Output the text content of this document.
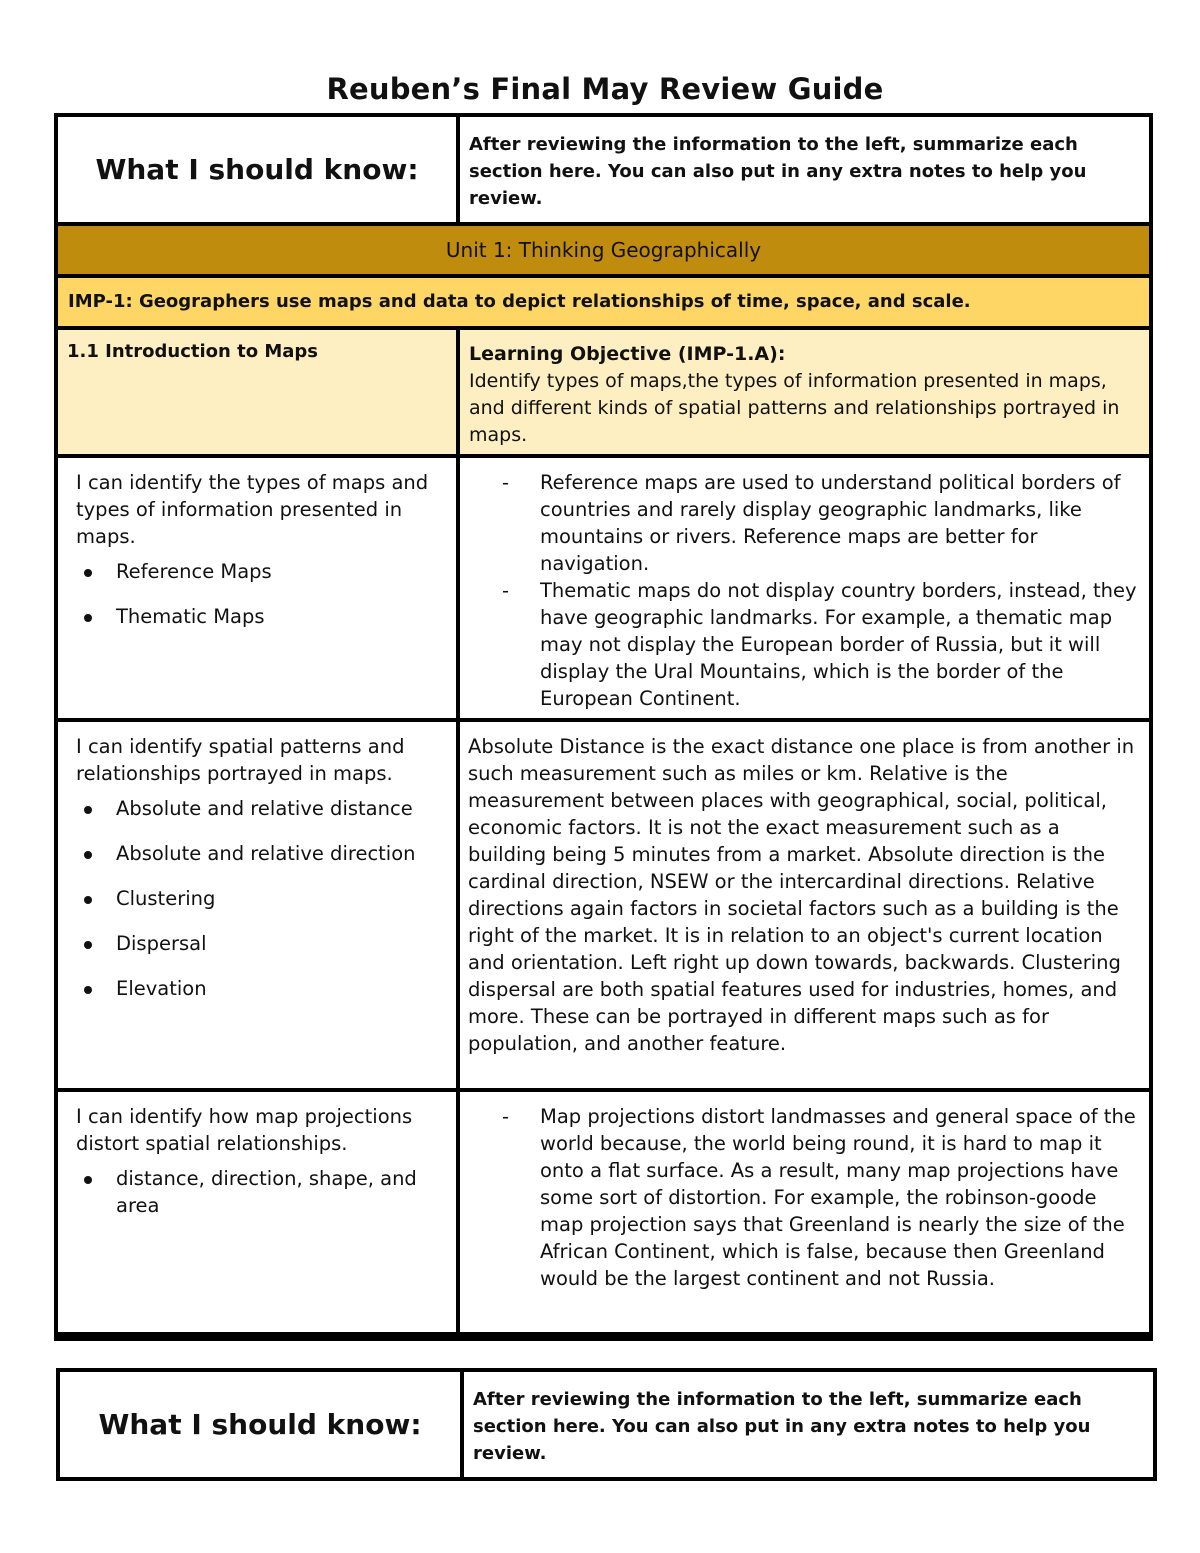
Reuben’s Final May Review Guide
What I should know:
After reviewing the information to the left, summarize each section here. You can also put in any extra notes to help you review.
Unit 1: Thinking Geographically
IMP-1: Geographers use maps and data to depict relationships of time, space, and scale.
1.1 Introduction to Maps	Learning Objective (IMP-1.A):
Identify types of maps,the types of information presented in maps, and different kinds of spatial patterns and relationships portrayed in maps.
I can identify the types of maps and types of information presented in maps.
Reference Maps
Thematic Maps
- Reference maps are used to understand political borders of countries and rarely display geographic landmarks, like mountains or rivers. Reference maps are better for navigation.
- Thematic maps do not display country borders, instead, they have geographic landmarks. For example, a thematic map may not display the European border of Russia, but it will display the Ural Mountains, which is the border of the European Continent.
I can identify spatial patterns and relationships portrayed in maps.
Absolute and relative distance
Absolute and relative direction
Clustering
Dispersal
Elevation

Absolute Distance is the exact distance one place is from another in such measurement such as miles or km. Relative is the measurement between places with geographical, social, political, economic factors. It is not the exact measurement such as a building being 5 minutes from a market. Absolute direction is the cardinal direction, NSEW or the intercardinal directions. Relative directions again factors in societal factors such as a building is the right of the market. It is in relation to an object's current location and orientation. Left right up down towards, backwards. Clustering dispersal are both spatial features used for industries, homes, and more. These can be portrayed in different maps such as for population, and another feature.

I can identify how map projections distort spatial relationships.
distance, direction, shape, and area
- Map projections distort landmasses and general space of the world because, the world being round, it is hard to map it onto a flat surface. As a result, many map projections have some sort of distortion. For example, the robinson-goode map projection says that Greenland is nearly the size of the African Continent, which is false, because then Greenland would be the largest continent and not Russia.
What I should know:
After reviewing the information to the left, summarize each section here. You can also put in any extra notes to help you review.
